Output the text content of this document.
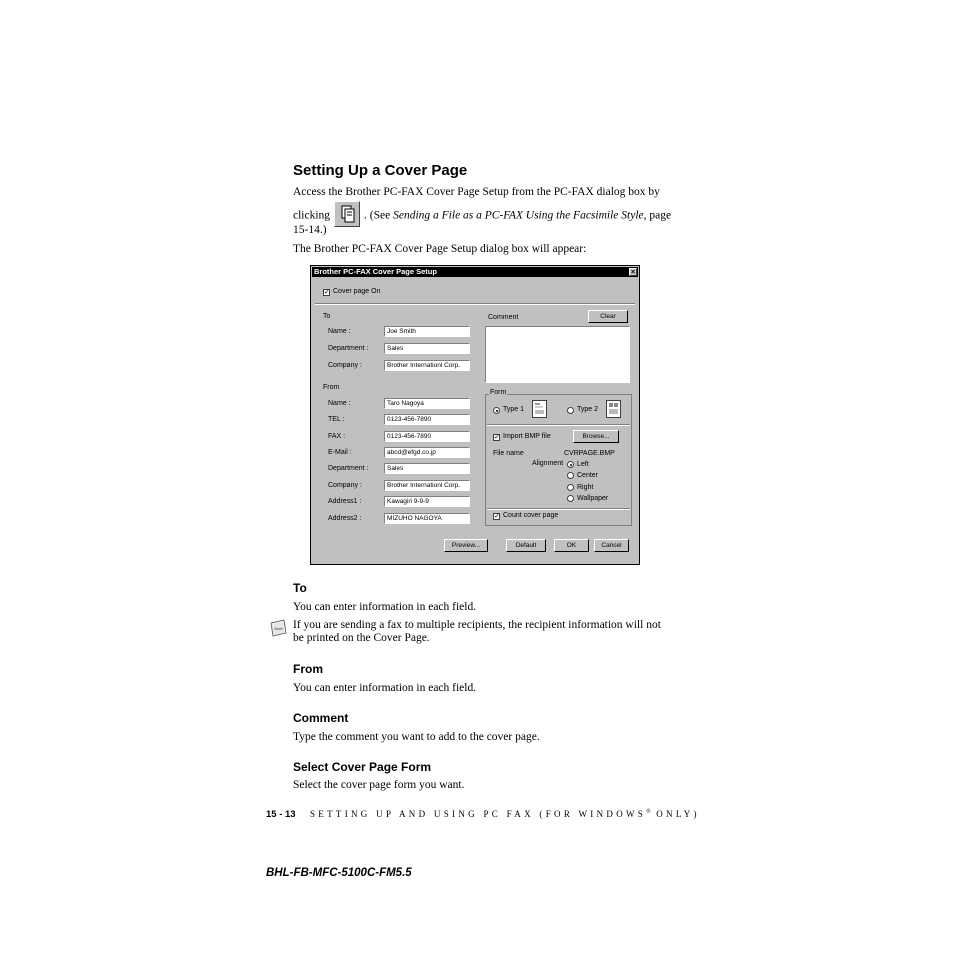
Setting Up a Cover Page
Access the Brother PC-FAX Cover Page Setup from the PC-FAX dialog box by
clicking	. (See Sending a File as a PC-FAX Using the Facsimile Style, page
15-14.)
The Brother PC-FAX Cover Page Setup dialog box will appear:
Brother PC-FAX Cover Page Setup	×
✓ Cover page On
To
Name :	Joe Smith
Department :	Sales
Company :	Brother Internationl Corp.
From
Name :	Taro Nagoya
TEL :	0123-456-7890
FAX :	0123-456-7890
E-Mail :	abcd@efgd.co.jp
Department :	Sales
Company :	Brother Internationl Corp.
Address1 :	Kawagiri 9-9-9
Address2 :	MIZUHO NAGOYA
Comment	Clear
Form
Type 1	Type 2
✓ Import BMP file	Browse...
File name	CVRPAGE.BMP
Alignment Left
Center
Right
Wallpaper
✓ Count cover page
Preview...	Default	OK	Cancel
To
You can enter information in each field.
Note If you are sending a fax to multiple recipients, the recipient information will not
be printed on the Cover Page.
From
You can enter information in each field.
Comment
Type the comment you want to add to the cover page.
Select Cover Page Form
Select the cover page form you want.
15 - 13 SETTING UP AND USING PC FAX (FOR WINDOWS® ONLY)
BHL-FB-MFC-5100C-FM5.5
